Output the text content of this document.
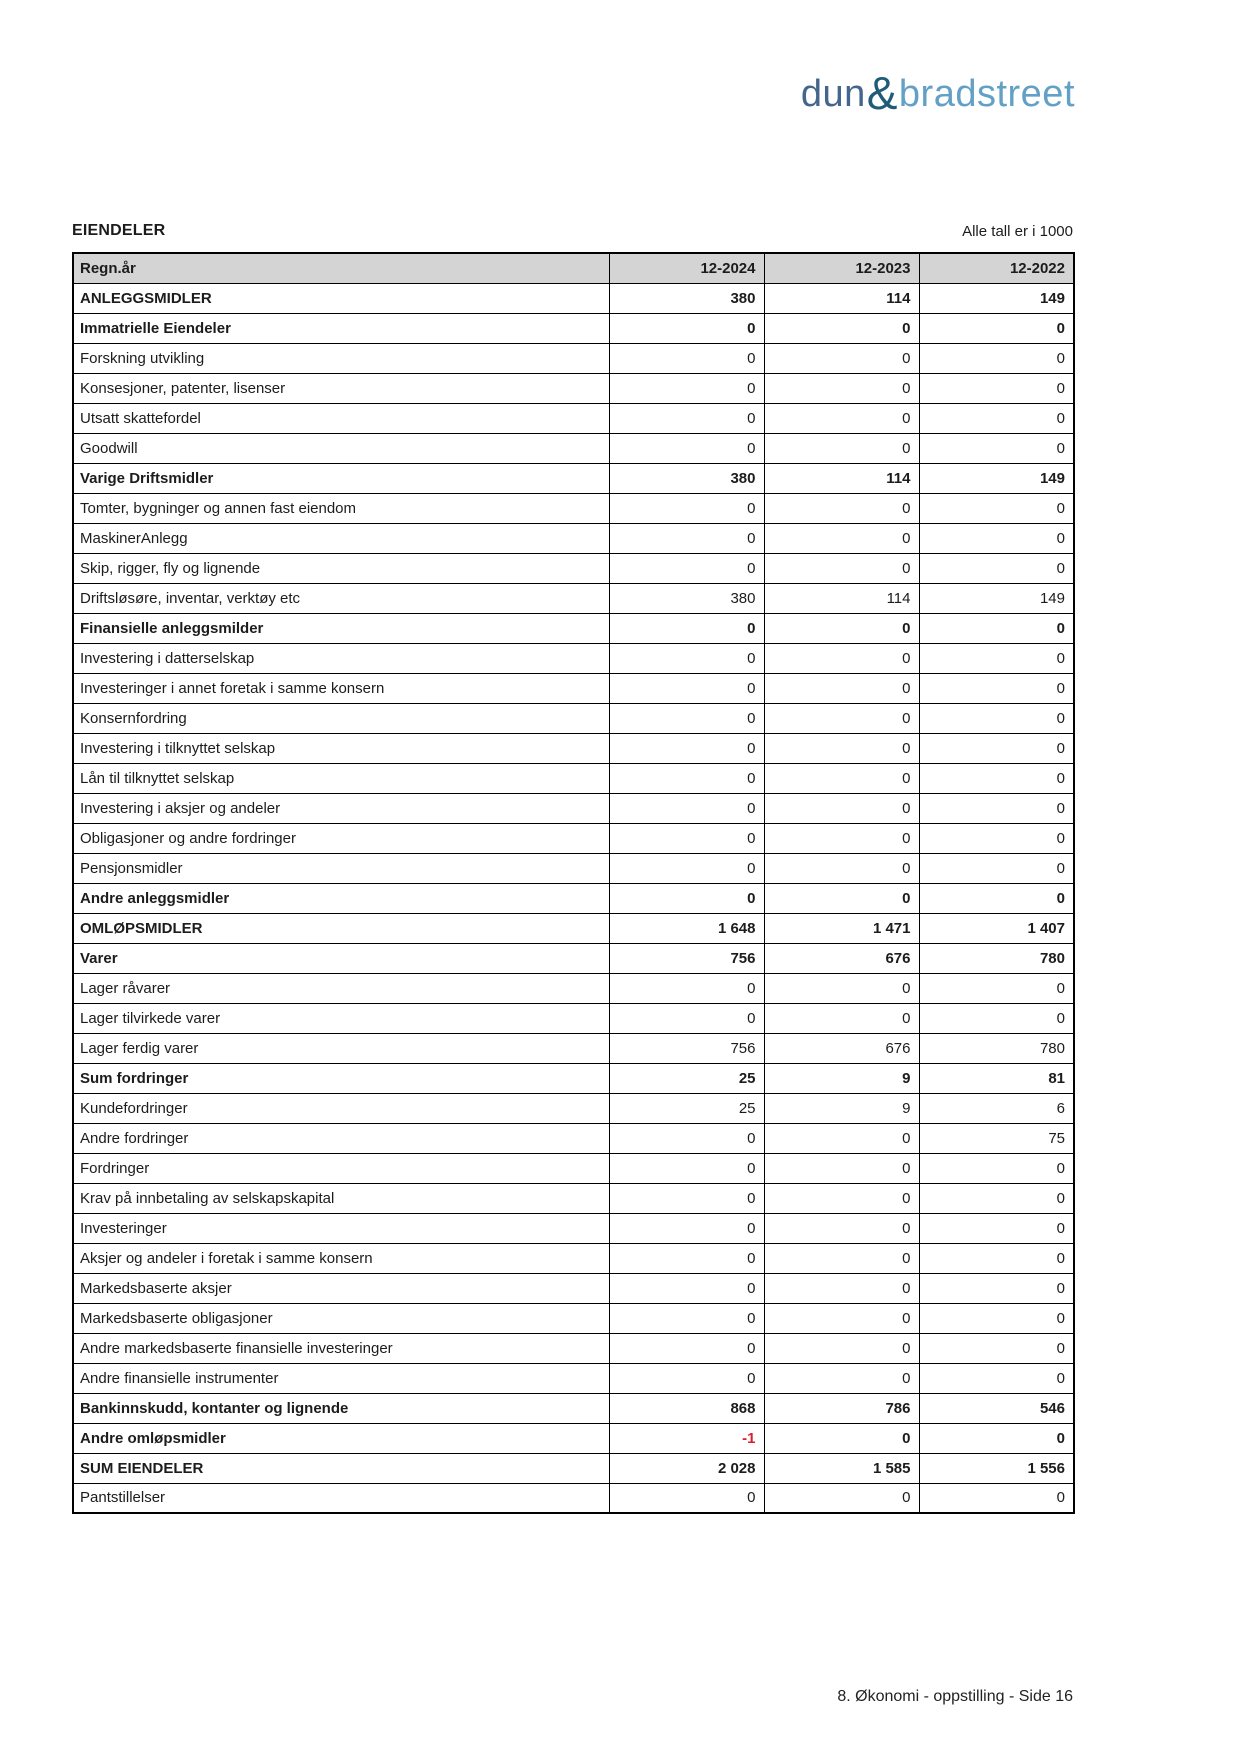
dun&bradstreet
EIENDELER	Alle tall er i 1000
Regn.år	12-2024	12-2023	12-2022
ANLEGGSMIDLER	380	114	149
Immatrielle Eiendeler	0	0	0
Forskning utvikling	0	0	0
Konsesjoner, patenter, lisenser	0	0	0
Utsatt skattefordel	0	0	0
Goodwill	0	0	0
Varige Driftsmidler	380	114	149
Tomter, bygninger og annen fast eiendom	0	0	0
MaskinerAnlegg	0	0	0
Skip, rigger, fly og lignende	0	0	0
Driftsløsøre, inventar, verktøy etc	380	114	149
Finansielle anleggsmilder	0	0	0
Investering i datterselskap	0	0	0
Investeringer i annet foretak i samme konsern	0	0	0
Konsernfordring	0	0	0
Investering i tilknyttet selskap	0	0	0
Lån til tilknyttet selskap	0	0	0
Investering i aksjer og andeler	0	0	0
Obligasjoner og andre fordringer	0	0	0
Pensjonsmidler	0	0	0
Andre anleggsmidler	0	0	0
OMLØPSMIDLER	1 648	1 471	1 407
Varer	756	676	780
Lager råvarer	0	0	0
Lager tilvirkede varer	0	0	0
Lager ferdig varer	756	676	780
Sum fordringer	25	9	81
Kundefordringer	25	9	6
Andre fordringer	0	0	75
Fordringer	0	0	0
Krav på innbetaling av selskapskapital	0	0	0
Investeringer	0	0	0
Aksjer og andeler i foretak i samme konsern	0	0	0
Markedsbaserte aksjer	0	0	0
Markedsbaserte obligasjoner	0	0	0
Andre markedsbaserte finansielle investeringer	0	0	0
Andre finansielle instrumenter	0	0	0
Bankinnskudd, kontanter og lignende	868	786	546
Andre omløpsmidler	-1	0	0
SUM EIENDELER	2 028	1 585	1 556
Pantstillelser	0	0	0
8. Økonomi - oppstilling - Side 16
